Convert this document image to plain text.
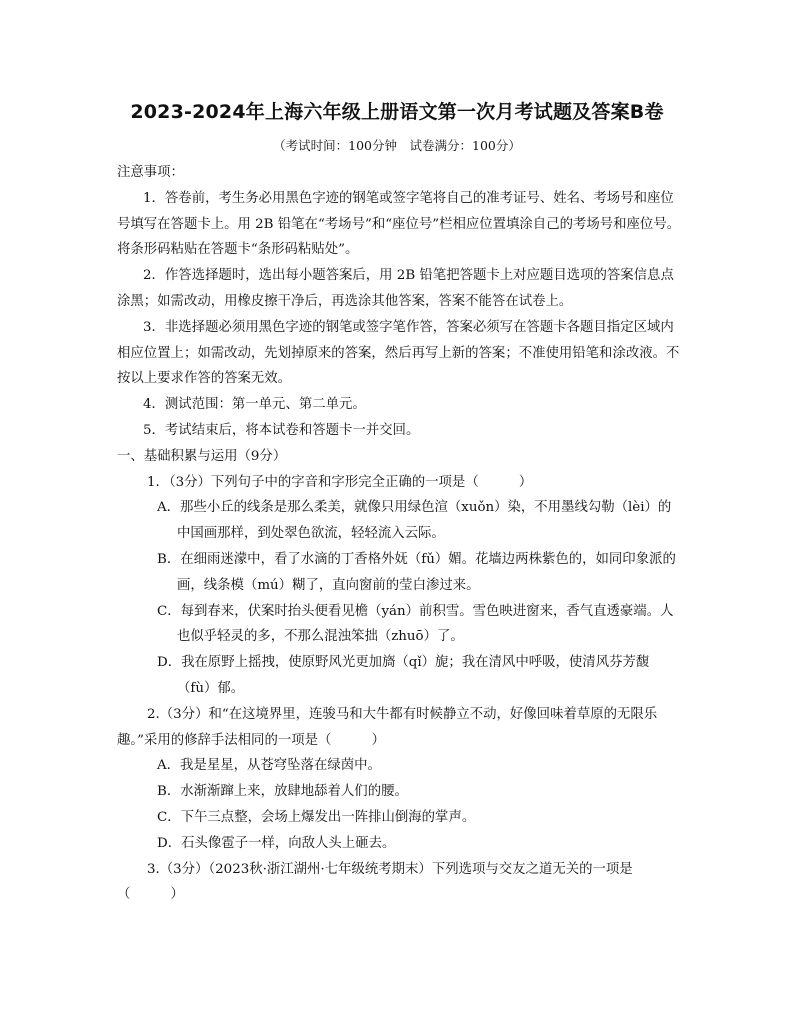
2023-2024年上海六年级上册语文第一次月考试题及答案B卷
（考试时间：100分钟　试卷满分：100分）

注意事项：

1．答卷前，考生务必用黑色字迹的钢笔或签字笔将自己的准考证号、姓名、考场号和座位号填写在答题卡上。用 2B 铅笔在“考场号”和“座位号”栏相应位置填涂自己的考场号和座位号。将条形码粘贴在答题卡“条形码粘贴处”。

2．作答选择题时，选出每小题答案后，用 2B 铅笔把答题卡上对应题目选项的答案信息点涂黑；如需改动，用橡皮擦干净后，再选涂其他答案，答案不能答在试卷上。

3．非选择题必须用黑色字迹的钢笔或签字笔作答，答案必须写在答题卡各题目指定区域内相应位置上；如需改动，先划掉原来的答案，然后再写上新的答案；不准使用铅笔和涂改液。不按以上要求作答的答案无效。

4．测试范围：第一单元、第二单元。

5．考试结束后，将本试卷和答题卡一并交回。

一、基础积累与运用（9分）

1．（3分）下列句子中的字音和字形完全正确的一项是（　　　）

A．那些小丘的线条是那么柔美，就像只用绿色渲（xuǒn）染，不用墨线勾勒（lèi）的中国画那样，到处翠色欲流，轻轻流入云际。

B．在细雨迷濛中，看了水滴的丁香格外妩（fǔ）媚。花墙边两株紫色的，如同印象派的画，线条模（mú）糊了，直向窗前的莹白渗过来。

C．每到春来，伏案时抬头便看见檐（yán）前积雪。雪色映进窗来，香气直透豪端。人也似乎轻灵的多，不那么混浊笨拙（zhuō）了。

D．我在原野上摇拽，使原野风光更加旖（qǐ）旎；我在清风中呼吸，使清风芬芳馥（fù）郁。

2.（3分）和“在这境界里，连骏马和大牛都有时候静立不动，好像回味着草原的无限乐趣。”采用的修辞手法相同的一项是（　　　）

A．我是星星，从苍穹坠落在绿茵中。

B．水渐渐蹿上来，放肆地舔着人们的腰。

C．下午三点整，会场上爆发出一阵排山倒海的掌声。

D．石头像雹子一样，向敌人头上砸去。

3.（3分）（2023秋·浙江湖州·七年级统考期末）下列选项与交友之道无关的一项是（　　　）
